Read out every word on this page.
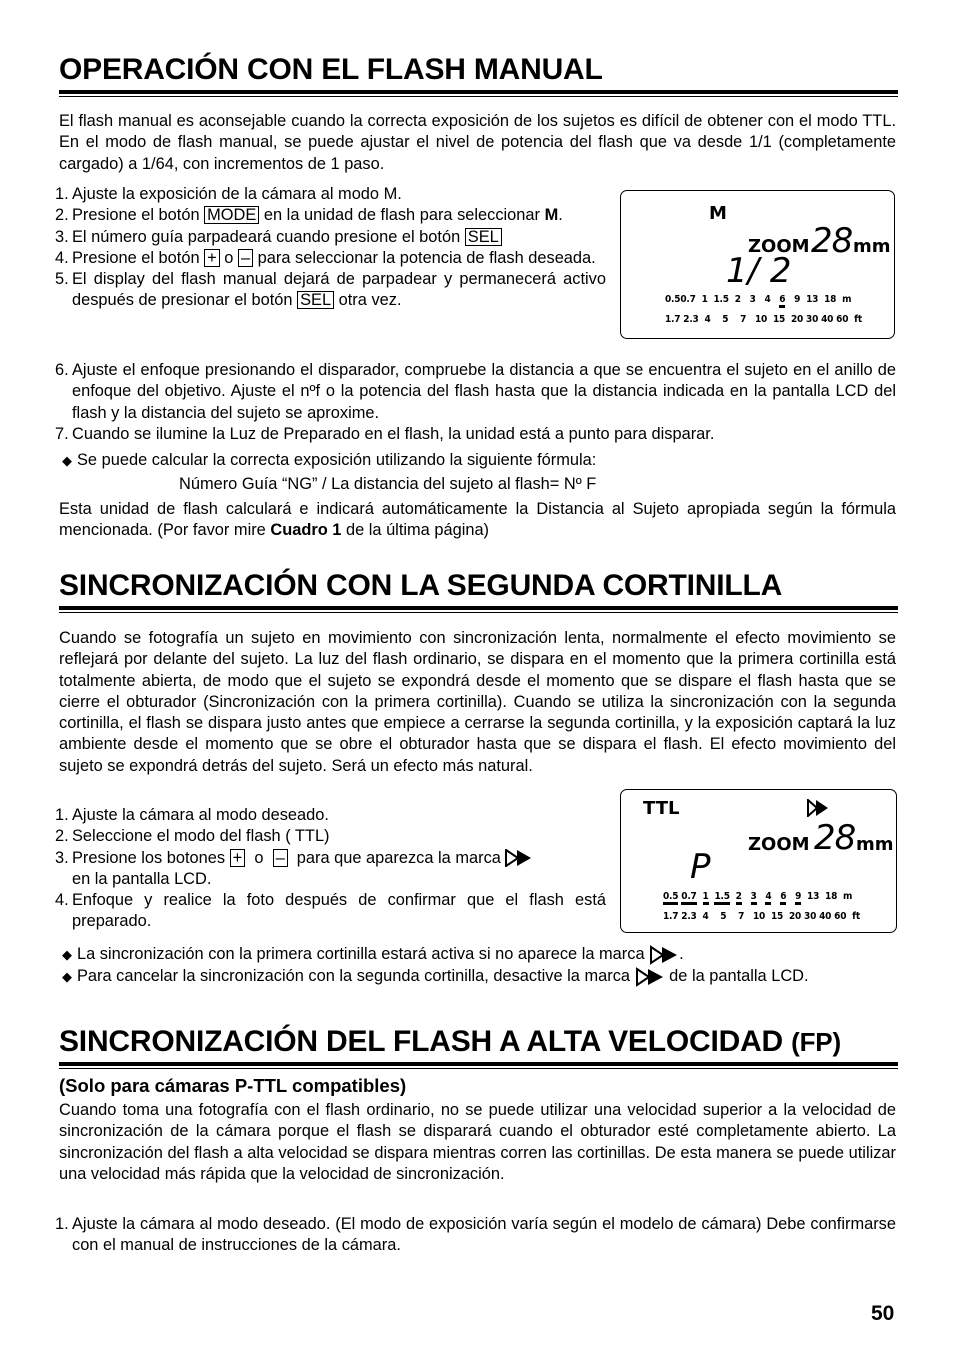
OPERACIÓN CON EL FLASH MANUAL
El flash manual es aconsejable cuando la correcta exposición de los sujetos es difícil de obtener con el modo TTL. En el modo de flash manual, se puede ajustar el nivel de potencia del flash que va desde 1/1 (completamente cargado) a 1/64, con incrementos de 1 paso.
1. Ajuste la exposición de la cámara al modo M.
2. Presione el botón MODE en la unidad de flash para seleccionar M.
3. El número guía parpadeará cuando presione el botón SEL
4. Presione el botón + o – para seleccionar la potencia de flash deseada.
5. El display del flash manual dejará de parpadear y permanecerá activo después de presionar el botón SEL otra vez.
6. Ajuste el enfoque presionando el disparador, compruebe la distancia a que se encuentra el sujeto en el anillo de enfoque del objetivo. Ajuste el nºf o la potencia del flash hasta que la distancia indicada en la pantalla LCD del flash y la distancia del sujeto se aproxime.
7. Cuando se ilumine la Luz de Preparado en el flash, la unidad está a punto para disparar.
◆ Se puede calcular la correcta exposición utilizando la siguiente fórmula:
Número Guía “NG” / La distancia del sujeto al flash= Nº F
Esta unidad de flash calculará e indicará automáticamente la Distancia al Sujeto apropiada según la fórmula mencionada. (Por favor mire Cuadro 1 de la última página)
SINCRONIZACIÓN CON LA SEGUNDA CORTINILLA
Cuando se fotografía un sujeto en movimiento con sincronización lenta, normalmente el efecto movimiento se reflejará por delante del sujeto. La luz del flash ordinario, se dispara en el momento que la primera cortinilla está totalmente abierta, de modo que el sujeto se expondrá desde el momento que se dispare el flash hasta que se cierre el obturador (Sincronización con la primera cortinilla). Cuando se utiliza la sincronización con la segunda cortinilla, el flash se dispara justo antes que empiece a cerrarse la segunda cortinilla, y la exposición captará la luz ambiente desde el momento que se obre el obturador hasta que se dispara el flash. El efecto movimiento del sujeto se expondrá detrás del sujeto. Será un efecto más natural.
1. Ajuste la cámara al modo deseado.
2. Seleccione el modo del flash ( TTL)
3. Presione los botones + o – para que aparezca la marca
en la pantalla LCD.
4. Enfoque y realice la foto después de confirmar que el flash está preparado.
◆ La sincronización con la primera cortinilla estará activa si no aparece la marca .
◆ Para cancelar la sincronización con la segunda cortinilla, desactive la marca de la pantalla LCD.
SINCRONIZACIÓN DEL FLASH A ALTA VELOCIDAD (FP)
(Solo para cámaras P-TTL compatibles)
Cuando toma una fotografía con el flash ordinario, no se puede utilizar una velocidad superior a la velocidad de sincronización de la cámara porque el flash se disparará cuando el obturador esté completamente abierto. La sincronización del flash a alta velocidad se dispara mientras corren las cortinillas. De esta manera se puede utilizar una velocidad más rápida que la velocidad de sincronización.
1. Ajuste la cámara al modo deseado. (El modo de exposición varía según el modelo de cámara) Debe confirmarse con el manual de instrucciones de la cámara.
M
ZOOM 28 mm
1/ 2
0.50.7 1 1.5 2 3 4 6 9 13 18 m
1.7 2.3 4 5 7 10 15 20 30 40 60 ft
TTL
ZOOM 28 mm
P
0.5 0.7 1 1.5 2 3 4 6 9 13 18 m
1.7 2.3 4 5 7 10 15 20 30 40 60 ft
50
